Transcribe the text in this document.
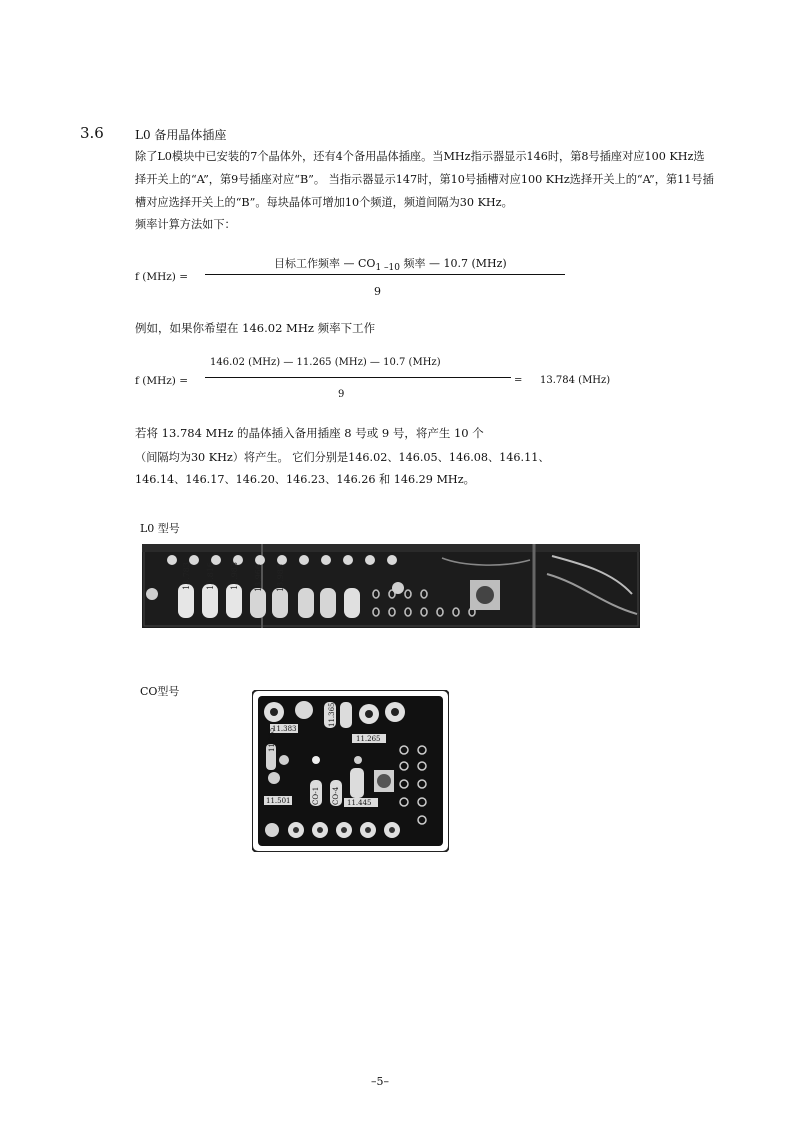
3.6	L0 备用晶体插座
除了L0模块中已安装的7个晶体外，还有4个备用晶体插座。当MHz指示器显示146时，第8号插座对应100 KHz选
择开关上的“A”，第9号插座对应“B”。 当指示器显示147时，第10号插槽对应100 KHz选择开关上的“A”，第11号插
槽对应选择开关上的“B”。每块晶体可增加10个频道，频道间隔为30 KHz。
频率计算方法如下：
f (MHz) =
目标工作频率 — $CO_{1 -10}$ 频率 — 10.7 (MHz)
9
例如，如果你希望在 146.02 MHz 频率下工作
f (MHz) =
146.02 (MHz) — 11.265 (MHz) — 10.7 (MHz)
9
= 13.784 (MHz)
若将 13.784 MHz 的晶体插入备用插座 8 号或 9 号，将产生 10 个
（间隔均为30 KHz）将产生。 它们分别是146.02、146.05、146.08、146.11、
146.14、146.17、146.20、146.23、146.26 和 146.29 MHz。
L0 型号
13.783 13.816 13.983 13.966 13.983
CO型号
11.383
11.265
11.365
11.501	11.445
CO-1 CO-4
11.265
–5–
